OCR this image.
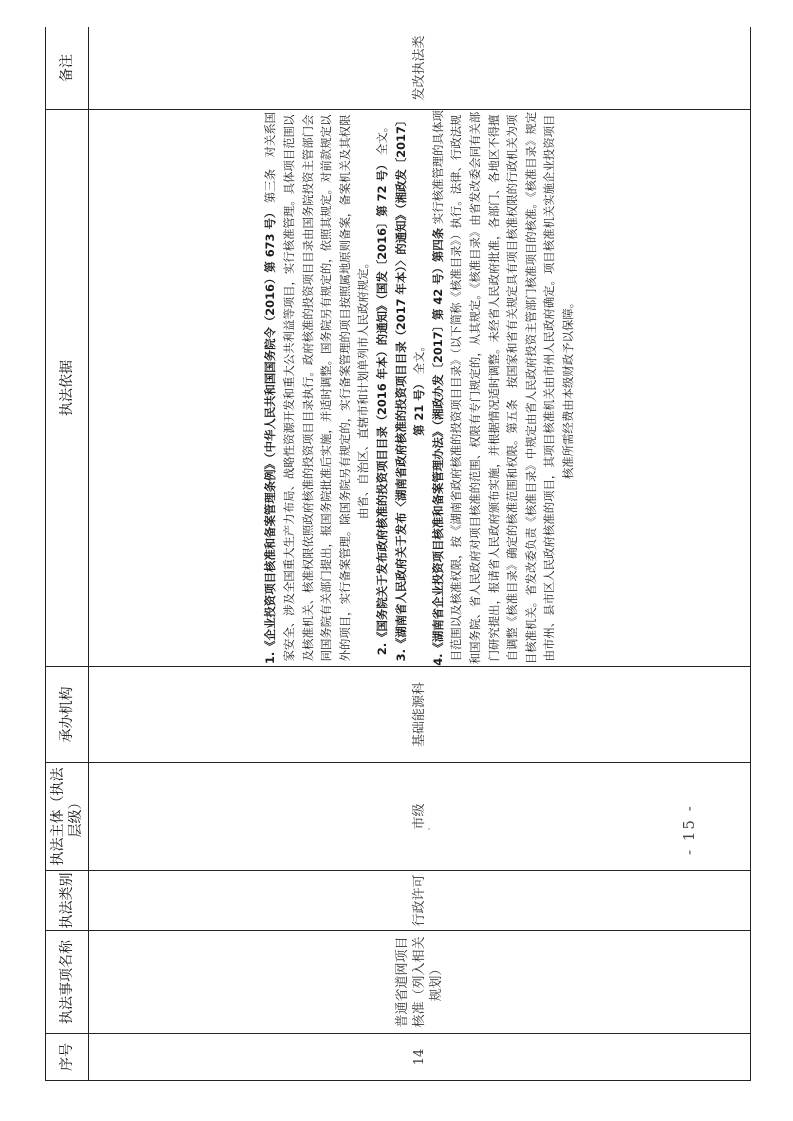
序号	执法事项名称	执法类别	执法主体（执法层级）	承办机构	执法依据	备注
14	普通省道网项目核准（列入相关规划）	行政许可	市级	基础能源科	1.《企业投资项目核准和备案管理条例》（中华人民共和国国务院令（2016）第 673 号） 第三条　对关系国家安全、涉及全国重大生产力布局、战略性资源开发和重大公共利益等项目，实行核准管理。具体项目范围以及核准机关、核准权限依照政府核准的投资项目目录执行。政府核准的投资项目目录由国务院投资主管部门会同国务院有关部门提出，报国务院批准后实施，并适时调整。国务院另有规定的，依照其规定。对前款规定以外的项目，实行备案管理。除国务院另有规定的，实行备案管理的项目按照属地原则备案，备案机关及其权限由省、自治区、直辖市和计划单列市人民政府规定。 2.《国务院关于发布政府核准的投资项目目录（2016 年本）的通知》（国发〔2016〕第 72 号） 全文。 3.《湖南省人民政府关于发布〈湖南省政府核准的投资项目目录（2017 年本）〉的通知》（湘政发〔2017〕第 21 号） 全文。 4.《湖南省企业投资项目核准和备案管理办法》（湘政办发〔2017〕第 42 号）第四条 实行核准管理的具体项目范围以及核准权限，按《湖南省政府核准的投资项目目录》（以下简称《核准目录》）执行。法律、行政法规和国务院、省人民政府对项目核准的范围、权限有专门规定的，从其规定。《核准目录》由省发改委会同有关部门研究提出，报请省人民政府颁布实施，并根据情况适时调整。未经省人民政府批准，各部门、各地区不得擅自调整《核准目录》确定的核准范围和权限。第五条　按国家和省有关规定具有项目核准权限的行政机关为项目核准机关。省发改委负责《核准目录》中规定由省人民政府投资主管部门核准项目的核准。《核准目录》规定由市州、县市区人民政府核准的项目，其项目核准机关由市州人民政府确定。项目核准机关实施企业投资项目核准所需经费由本级财政予以保障。	发改执法类
- 15 -
